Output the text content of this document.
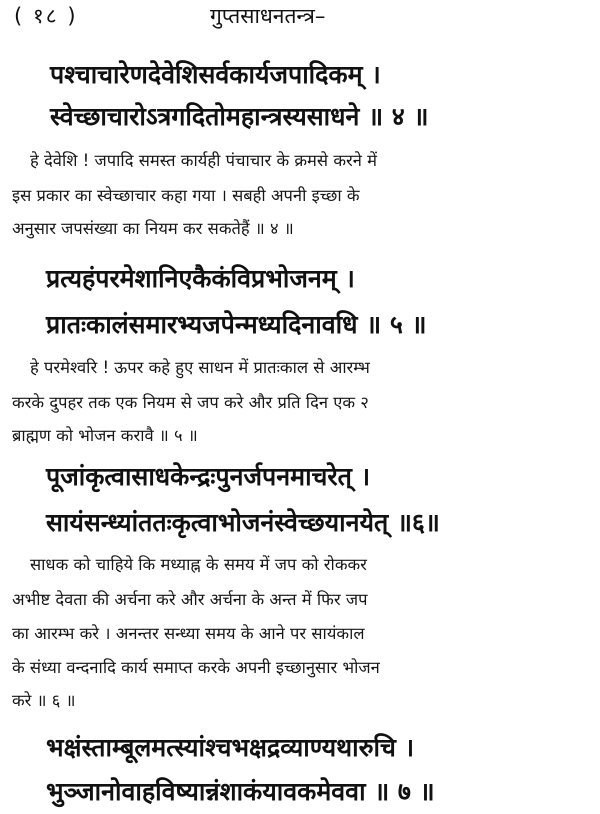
( १८ )	गुप्तसाधनतन्त्र–
पश्चाचारेणदेवेशिसर्वकार्यजपादिकम् ।
स्वेच्छाचारोऽत्रगदितोमहान्त्रस्यसाधने ॥ ४ ॥
हे देवेशि ! जपादि समस्त कार्यही पंचाचार के क्रमसे करने में
इस प्रकार का स्वेच्छाचार कहा गया । सबही अपनी इच्छा के
अनुसार जपसंख्या का नियम कर सकतेहैं ॥ ४ ॥
प्रत्यहंपरमेशानिएकैकंविप्रभोजनम् ।
प्रातःकालंसमारभ्यजपेन्मध्यदिनावधि ॥ ५ ॥
हे परमेश्वरि ! ऊपर कहे हुए साधन में प्रातःकाल से आरम्भ
करके दुपहर तक एक नियम से जप करे और प्रति दिन एक २
ब्राह्मण को भोजन करावै ॥ ५ ॥
पूजांकृत्वासाधकेन्द्रःपुनर्जपनमाचरेत् ।
सायंसन्ध्यांततःकृत्वाभोजनंस्वेच्छयानयेत् ॥६॥
साधक को चाहिये कि मध्याह्न के समय में जप को रोककर
अभीष्ट देवता की अर्चना करे और अर्चना के अन्त में फिर जप
का आरम्भ करे । अनन्तर सन्ध्या समय के आने पर सायंकाल
के संध्या वन्दनादि कार्य समाप्त करके अपनी इच्छानुसार भोजन
करे ॥ ६ ॥
भक्षंस्ताम्बूलमत्स्यांश्चभक्षद्रव्याण्यथारुचि ।
भुञ्जानोवाहविष्यान्नंशाकंयावकमेववा ॥ ७ ॥
